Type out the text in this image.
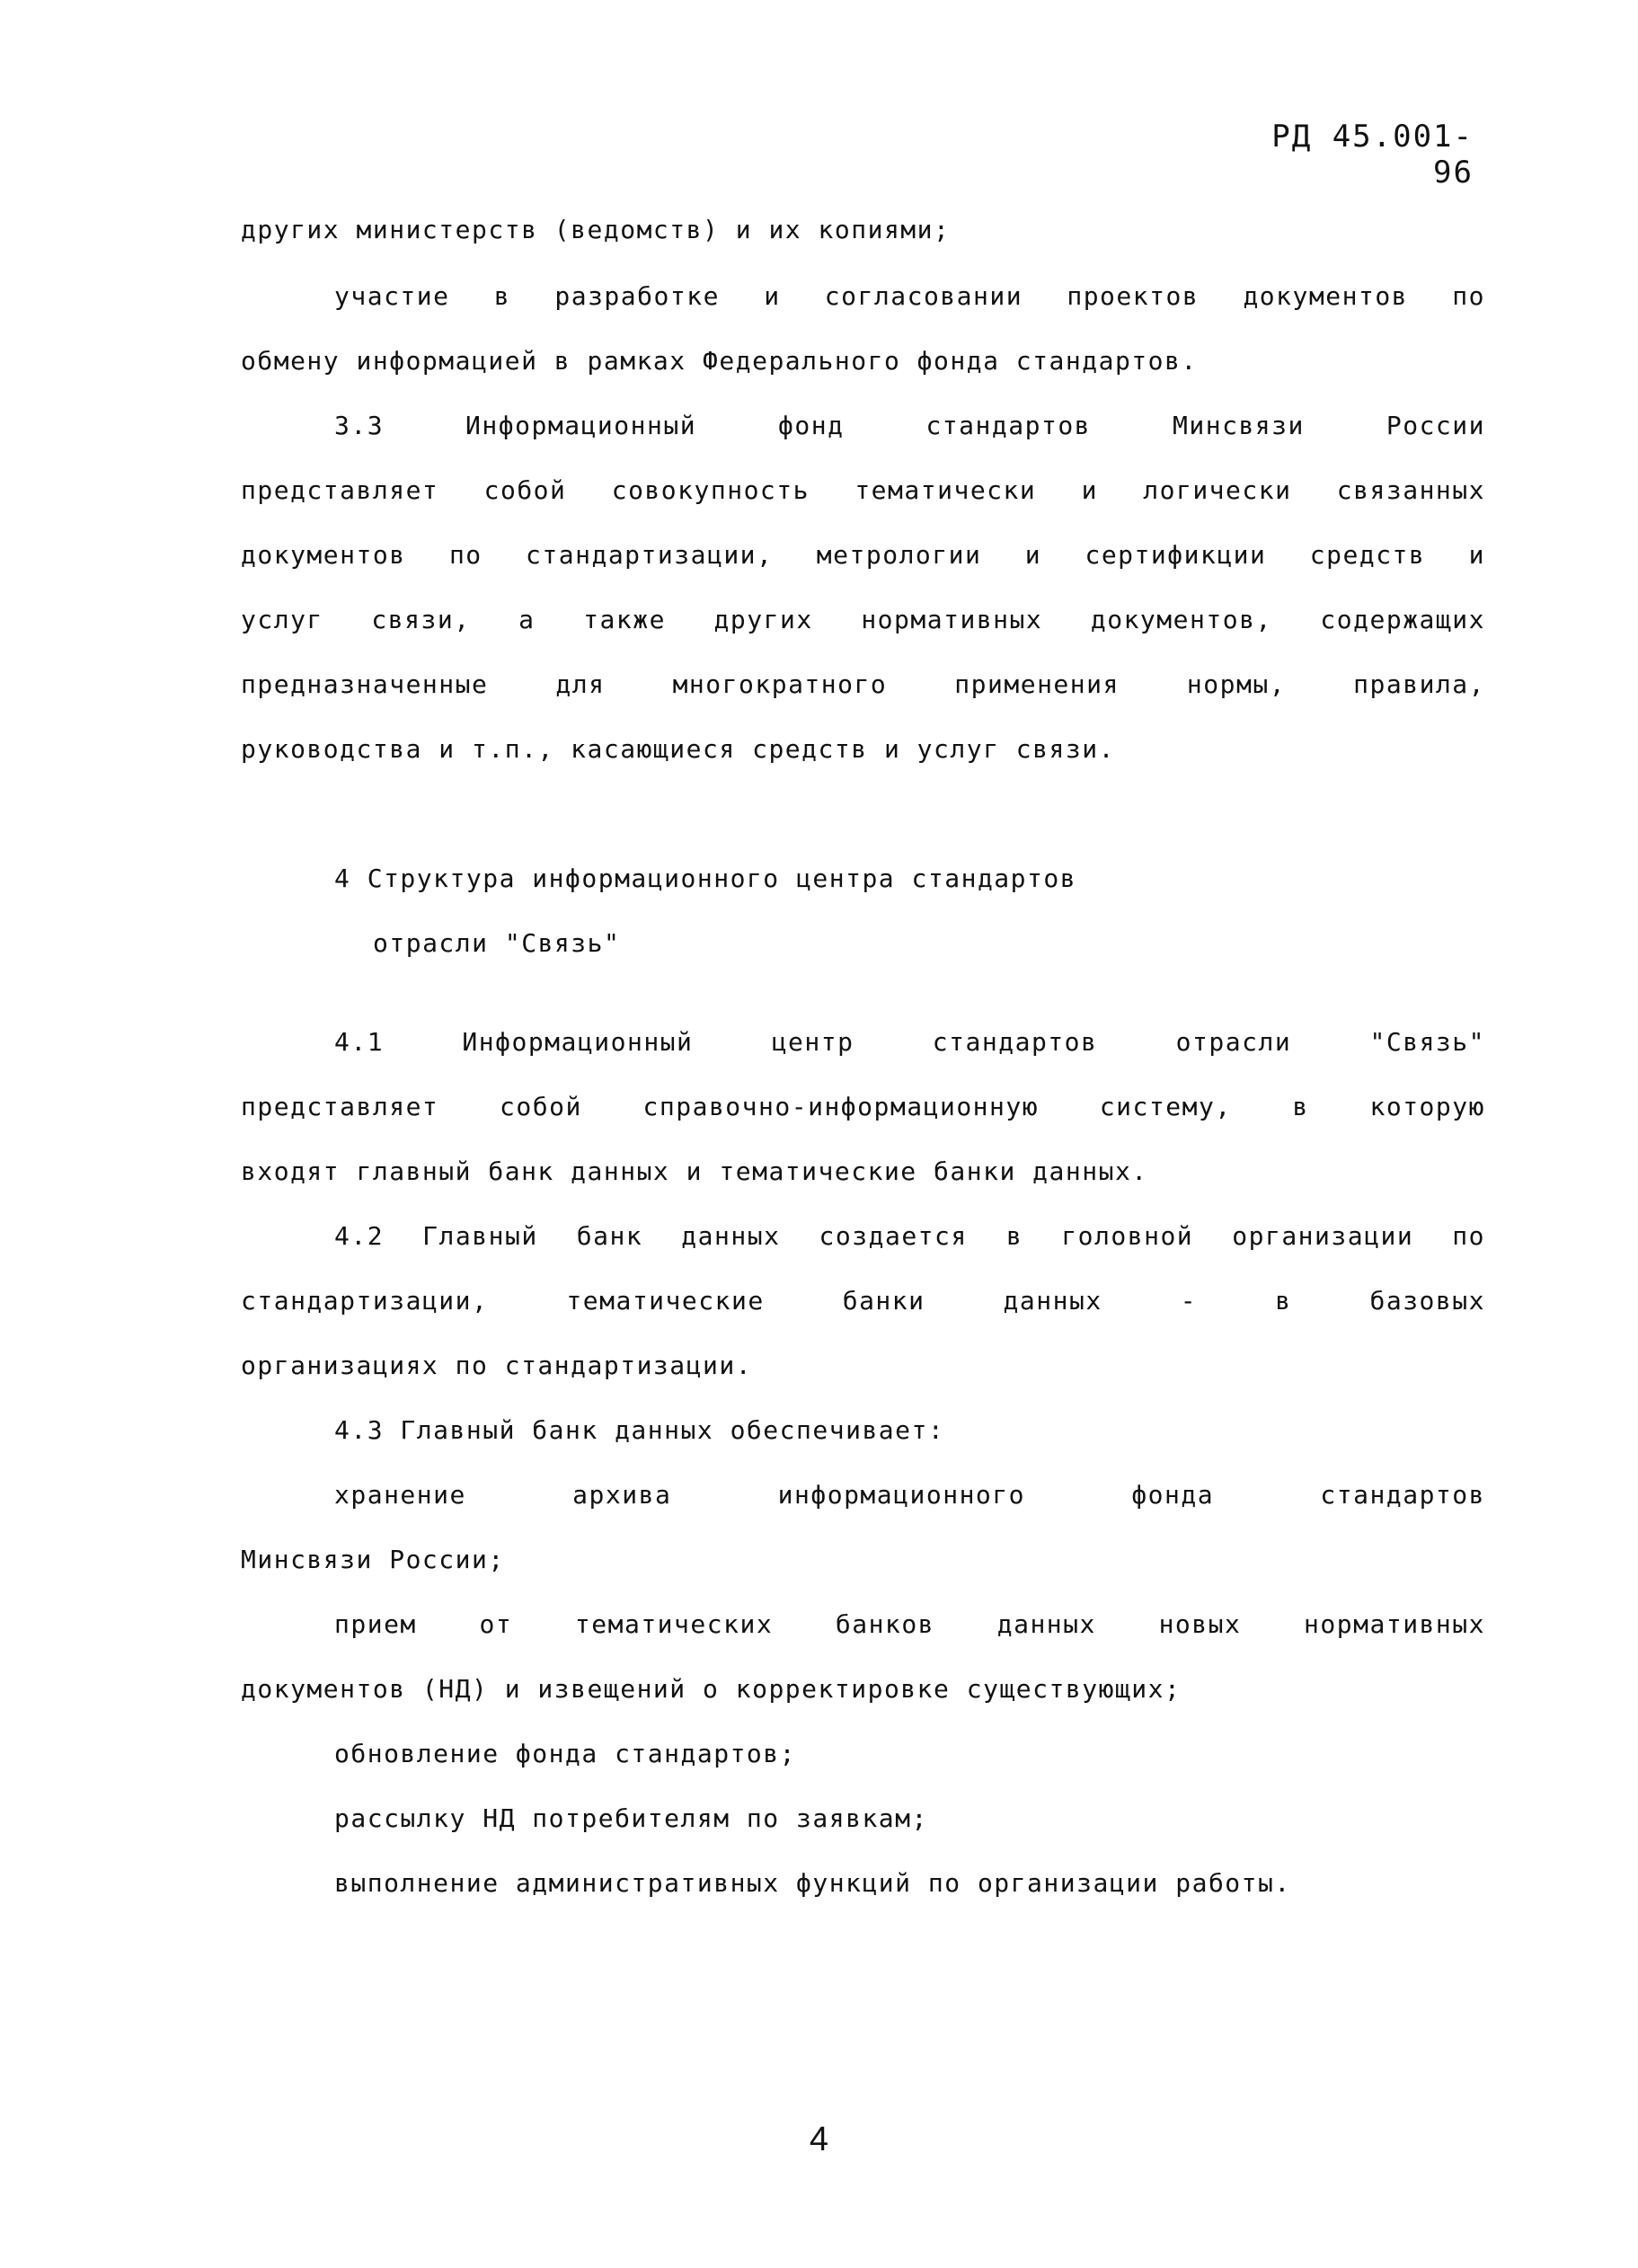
РД 45.001-96
других министерств (ведомств) и их копиями;
участие в разработке и согласовании проектов документов по
обмену информацией в рамках Федерального фонда стандартов.
3.3 Информационный фонд стандартов Минсвязи России
представляет собой совокупность тематически и логически связанных
документов по стандартизации, метрологии и сертификции средств и
услуг связи, а также других нормативных документов, содержащих
предназначенные для многократного применения нормы, правила,
руководства и т.п., касающиеся средств и услуг связи.
4 Структура информационного центра стандартов
отрасли "Связь"
4.1 Информационный центр стандартов отрасли "Связь"
представляет собой справочно-информационную систему, в которую
входят главный банк данных и тематические банки данных.
4.2 Главный банк данных создается в головной организации по
стандартизации, тематические банки данных - в базовых
организациях по стандартизации.
4.3 Главный банк данных обеспечивает:
хранение архива информационного фонда стандартов
Минсвязи России;
прием от тематических банков данных новых нормативных
документов (НД) и извещений о корректировке существующих;
обновление фонда стандартов;
рассылку НД потребителям по заявкам;
выполнение административных функций по организации работы.
4
